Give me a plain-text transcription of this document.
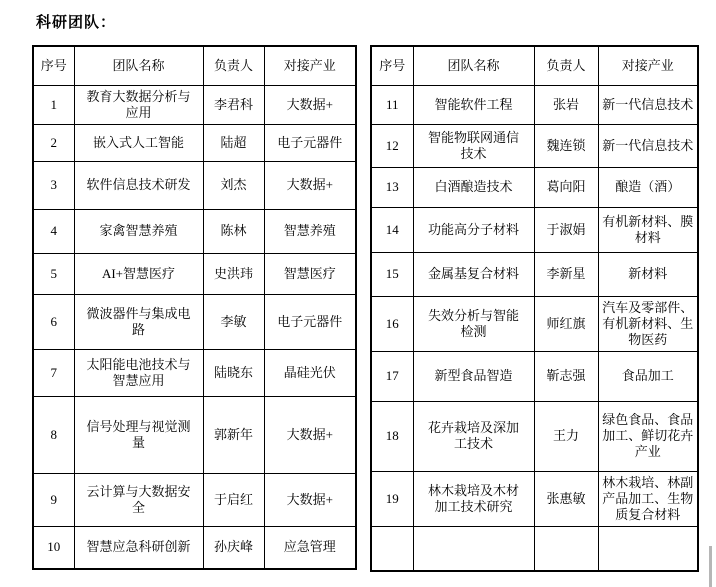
科研团队：
序号	团队名称	负责人	对接产业
1	教育大数据分析与应用	李君科	大数据+
2	嵌入式人工智能	陆超	电子元器件
3	软件信息技术研发	刘杰	大数据+
4	家禽智慧养殖	陈林	智慧养殖
5	AI+智慧医疗	史洪玮	智慧医疗
6	微波器件与集成电路	李敏	电子元器件
7	太阳能电池技术与智慧应用	陆晓东	晶硅光伏
8	信号处理与视觉测量	郭新年	大数据+
9	云计算与大数据安全	于启红	大数据+
10	智慧应急科研创新	孙庆峰	应急管理
序号	团队名称	负责人	对接产业
11	智能软件工程	张岩	新一代信息技术
12	智能物联网通信技术	魏连锁	新一代信息技术
13	白酒酿造技术	葛向阳	酿造（酒）
14	功能高分子材料	于淑娟	有机新材料、膜材料
15	金属基复合材料	李新星	新材料
16	失效分析与智能检测	师红旗	汽车及零部件、有机新材料、生物医药
17	新型食品智造	靳志强	食品加工
18	花卉栽培及深加工技术	王力	绿色食品、食品加工、鲜切花卉产业
19	林木栽培及木材加工技术研究	张惠敏	林木栽培、林副产品加工、生物质复合材料
